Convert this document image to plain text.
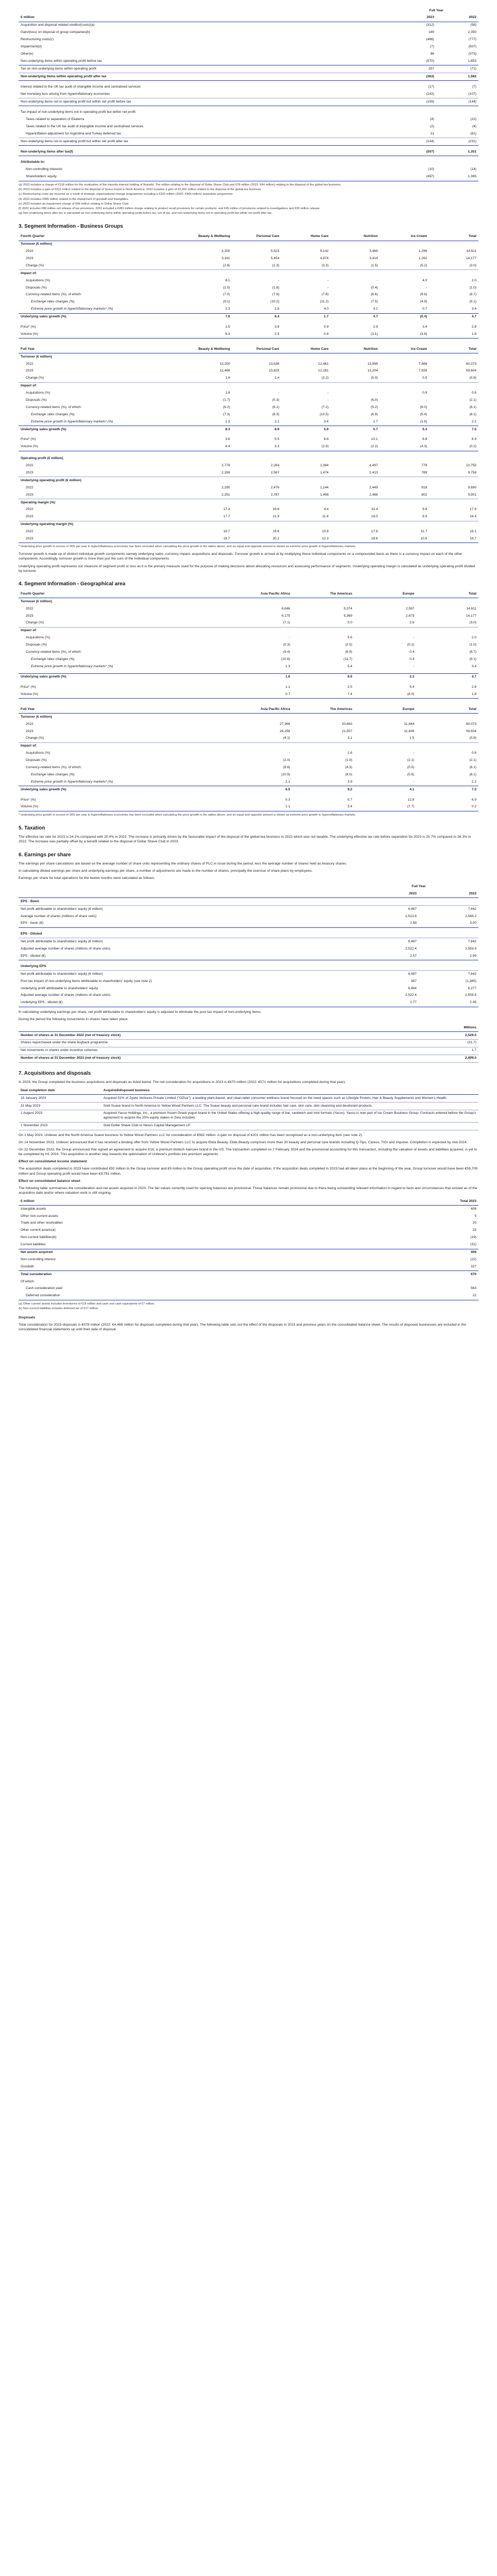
		Full Year	
€ million		2023	2022
Acquisition and disposal related credits/(costs)(a)		(312)	(58)
Gain/(loss) on disposal of group companies(b)		189	2,350
Restructuring costs(c)		(486)	(777)
Impairment(d)		(7)	(507)
Other(e)		86	(373)
Non-underlying items within operating profit before tax		(570)	1,653
Tax on non-underlying items within operating profit		207	(71)
Non-underlying items within operating profit after tax		(363)	1,582

Interest related to the UK tax audit of intangible income and centralised services		(17)	(7)
Net monetary loss arising from hyperinflationary economies		(142)	(107)
Non-underlying items not in operating profit but within net profit before tax		(159)	(144)

Tax impact of non-underlying items not in operating profit but within net profit:			
Taxes related to separation of Ekaterra		(4)	(22)
Taxes related to the UK tax audit of intangible income and centralised services		(2)	(4)
Hyperinflation adjustment for Argentina and Turkey deferred tax		21	(61)
Non-underlying items not in operating profit but within net profit after tax		(144)	(231)

Non-underlying items after tax(f)		(507)	1,351

Attributable to:			
Non-controlling interests		(10)	(14)
Shareholders' equity		(497)	1,365
(a) 2023 includes a charge of €118 million for the revaluation of the minority interest holding of Nutrafol. The million relating to the disposal of Dollar Shave Club and €78 million (2022: €44 million) relating to the disposal of the global tea business.
(b) 2023 includes a gain of €201 million related to the disposal of Suave brand in North America. 2022 includes a gain of €2,352 million related to the disposal of the global tea business.
(c) Restructuring costs are incurred as a result of strategic organisational change programmes including a €203 million (2022: €406 million) separation programme.
(d) 2022 includes €385 million related to the impairment of goodwill and intangibles.
(e) 2023 includes an impairment charge of €96 million relating to Dollar Shave Club.
(f) 2022 includes €80 million net release of tax provisions. 2022 included a €283 million charge relating to product recall provisions for certain products, and €45 million of provisions related to investigations and €30 million release.
(g) Non-underlying items after tax is calculated as non-underlying items within operating profit before tax, net of tax, and non-underlying items not in operating profit but within net profit after tax.
3. Segment Information - Business Groups
Fourth Quarter	Beauty & Wellbeing	Personal Care	Home Care	Nutrition	Ice Cream	Total
Turnover (€ million)						
2022	3,250	5,523	5,142	3,468	1,296	14,611
2023	3,161	5,454	4,974	3,414	1,262	14,177
Change (%)	(2.8)	(1.3)	(3.3)	(1.5)	(5.2)	(3.0)
Impact of:						
Acquisitions (%)	8.1	-	-	-	4.0	2.0
Disposals (%)	(2.0)	(1.8)	-	(0.4)	-	(1.0)
Currency-related items (%), of which:	(7.0)	(7.8)	(7.6)	(8.6)	(9.6)	(8.7)
Exchange rates changes (%)	(9.1)	(10.2)	(11.2)	(7.5)	(4.9)	(9.1)
Extreme price growth in hyperinflationary markets* (%)	2.3	2.6	4.0	3.1	0.7	3.4
Underlying sales growth (%)	7.9	6.4	1.7	4.7	(0.4)	4.7

Price* (%)	1.5	3.8	0.9	2.9	3.4	2.8
Volume (%)	6.3	2.5	0.8	(1.1)	(3.8)	1.8
Full Year	Beauty & Wellbeing	Personal Care	Home Care	Nutrition	Ice Cream	Total
Turnover (€ million)						
2022	13,200	13,636	12,461	13,898	7,888	60,073
2023	12,466	13,825	12,181	13,204	7,928	59,604
Change (%)	1.6	1.4	(2.2)	(5.0)	0.5	(0.8)
Impact of:						
Acquisitions (%)	1.6	-	-	-	0.9	0.6
Disposals (%)	(1.7)	(0.3)	-	(6.0)	-	(2.1)
Currency-related items (%), of which:	(6.2)	(6.1)	(7.2)	(5.2)	(6.0)	(6.1)
Exchange rates changes (%)	(7.3)	(8.3)	(10.5)	(6.9)	(5.4)	(8.1)
Extreme price growth in hyperinflationary markets* (%)	1.3	2.1	3.4	1.7	(1.6)	2.2
Underlying sales growth (%)	8.3	8.9	5.9	5.7	5.3	7.0

Price* (%)	3.8	5.5	8.8	10.1	8.8	6.9
Volume (%)	4.4	3.3	(2.9)	(2.2)	(4.3)	(0.2)
Operating profit (€ million)						
2022	2,779	2,264	1,364	4,497	779	10,755
2023	2,269	2,567	1,474	2,413	789	9,758
Underlying operating profit (€ million)						
2022	2,290	2,476	1,144	2,449	918	9,690
2023	2,251	2,787	1,498	2,468	802	9,901
Operating margin (%)						
2022	17.4	16.6	9.4	32.4	9.8	17.9
2023	17.7	21.9	11.4	18.0	9.9	16.4
Underlying operating margin (%)						
2022	18.7	18.6	10.8	17.6	11.7	16.1
2023	18.7	20.2	12.3	18.6	10.6	16.7
* Underlying price growth in excess of 26% per year in hyperinflationary economies has been excluded when calculating the price growth in the tables above, and an equal and opposite amount is shown as extreme price growth in hyperinflationary markets.

Turnover growth is made up of distinct individual growth components namely underlying sales, currency impact, acquisitions and disposals. Turnover growth is arrived at by multiplying these individual components on a compounded basis as there is a currency impact on each of the other components. Accordingly, turnover growth is more than just the sum of the individual components.

Underlying operating profit represents our measure of segment profit or loss as it is the primary measure used for the purpose of making decisions about allocating resources and assessing performance of segments. Underlying operating margin is calculated as underlying operating profit divided by turnover.

4. Segment Information - Geographical area
Fourth Quarter	Asia Pacific Africa	The Americas	Europe	Total
Turnover (€ million)				
2022	6,646	5,374	2,597	14,611
2023	6,175	5,369	2,673	14,177
Change (%)	(7.1)	0.0	2.6	(3.0)
Impact of:				
Acquisitions (%)	-	5.6	-	2.0
Disposals (%)	(0.3)	(2.5)	(0.1)	(1.0)
Currency-related items (%), of which:	(9.4)	(6.9)	0.4	(8.7)
Exchange rates changes (%)	(10.6)	(11.7)	0.4	(9.1)
Extreme price growth in hyperinflationary markets* (%)	1.3	5.4	-	3.4

Underlying sales growth (%)	1.6	9.6	2.3	4.7

Price* (%)	1.1	2.5	5.4	2.8
Volume (%)	0.7	7.4	(6.0)	1.8
Full Year	Asia Pacific Africa	The Americas	Europe	Total
Turnover (€ million)				
2022	27,366	20,863	11,844	60,073
2023	26,256	21,507	11,839	59,604
Change (%)	(4.1)	3.1	1.5	(0.8)
Impact of:				
Acquisitions (%)	-	1.6	-	0.6
Disposals (%)	(2.0)	(1.9)	(2.1)	(2.1)
Currency-related items (%), of which:	(8.6)	(4.3)	(0.5)	(6.1)
Exchange rates changes (%)	(10.5)	(8.0)	(0.6)	(8.1)
Extreme price growth in hyperinflationary markets* (%)	2.1	3.9	-	2.2
Underlying sales growth (%)	6.5	9.2	4.1	7.0

Price* (%)	5.3	5.7	12.8	6.9
Volume (%)	1.1	3.4	(7.7)	0.2
* Underlying price growth in excess of 26% per year in hyperinflationary economies has been excluded when calculating the price growth in the tables above, and an equal and opposite amount is shown as extreme price growth in hyperinflationary markets.
5. Taxation

The effective tax rate for 2023 is 24.1% compared with 20.4% in 2022. The increase is primarily driven by the favourable impact of the disposal of the global tea business in 2022 which was not taxable. The underlying effective tax rate before separation for 2023 is 25.7% compared to 26.3% in 2022. The increase was partially offset by a benefit related to the disposal of Dollar Shave Club in 2023.

6. Earnings per share

The earnings per share calculations are based on the average number of share units representing the ordinary shares of PLC in issue during the period, less the average number of shares held as treasury shares.

In calculating diluted earnings per share and underlying earnings per share, a number of adjustments are made to the number of shares, principally the exercise of share plans by employees.

Earnings per share for total operations for the twelve months were calculated as follows:

	Full Year	
	2023	2022
EPS - Basic		
Net profit attributable to shareholders' equity (€ million)	6,487	7,642
Average number of shares (millions of share units)	2,513.6	2,548.2
EPS - basic (€)	2.58	3.00

EPS - Diluted		
Net profit attributable to shareholders' equity (€ million)	6,487	7,642
Adjusted average number of shares (millions of share units)	2,522.4	2,559.9
EPS - diluted (€)	2.57	2.99

Underlying EPS		
Net profit attributable to shareholders' equity (€ million)	6,487	7,642
Post tax impact of non-underlying items attributable to shareholders' equity (see note 2)	497	(1,365)
Underlying profit attributable to shareholders' equity	6,984	6,277
Adjusted average number of shares (millions of share units)	2,522.4	2,559.9
Underlying EPS - diluted (€)	2.77	2.45

In calculating underlying earnings per share, net profit attributable to shareholders' equity is adjusted to eliminate the post tax impact of non-underlying items.

During the period the following movements in shares have taken place:

	Millions
Number of shares at 31 December 2022 (net of treasury stock)	2,529.0
Shares repurchased under the share buyback programme	(31.7)
Net movements in shares under incentive schemes	1.7
Number of shares at 31 December 2023 (net of treasury stock)	2,499.0
7. Acquisitions and disposals

In 2023, the Group completed the business acquisitions and disposals as listed below. The net consideration for acquisitions in 2023 is €670 million (2022: €571 million for acquisitions completed during that year).

Deal completion date	Acquired/disposed business
15 January 2023	Acquired 51% of Zywie Ventures Private Limited ("OZiva"), a leading plant-based, and clean-label consumer wellness brand focused on the need spaces such as Lifestyle Protein, Hair & Beauty Supplements and Women's Health.
31 May 2023	Sold Suave brand in North America to Yellow Wood Partners LLC. The Suave beauty and personal care brand includes hair care, skin care, skin cleansing and deodorant products.
1 August 2023	Acquired Yasso Holdings, Inc., a premium frozen Greek yogurt brand in the United States offering a high-quality range of bar, sandwich and mini formats (Yasso). Yasso is now part of Ice Cream Business Group. Contracts entered before the Group's agreement to acquire the 20% equity stakes in Zeta included.
1 November 2023	Sold Dollar Shave Club to Nexus Capital Management LP.

On 1 May 2023, Unilever and the North America Suave business to Yellow Wood Partners LLC for consideration of €562 million. A gain on disposal of €201 million has been recognised as a non-underlying item (see note 2).

On 14 November 2023, Unilever announced that it has received a binding offer from Yellow Wood Partners LLC to acquire Elida Beauty. Elida Beauty comprises more than 20 beauty and personal care brands including Q-Tips, Caress, TIGI and Impulse. Completion is expected by mid-2024.

On 22 December 2023, the Group announced that signed an agreement to acquire K18, a premium biotech haircare brand in the US. The transaction completed on 7 February 2024 and the provisional accounting for this transaction, including the valuation of assets and liabilities acquired, is yet to be completed by H1 2024. This acquisition is another step towards the optimisation of Unilever's portfolio into premium segments.

Effect on consolidated income statement

The acquisition deals completed in 2023 have contributed €92 million to the Group turnover and €9 million to the Group operating profit since the date of acquisition. If the acquisition deals completed in 2023 had all taken place at the beginning of the year, Group turnover would have been €59,709 million and Group operating profit would have been €9,781 million.

Effect on consolidated balance sheet

The following table summarises the consideration and net assets acquired in 2023. The fair values currently used for opening balances are provisional. These balances remain provisional due to there being outstanding relevant information in regard to facts and circumstances that existed as of the acquisition date and/or where valuation work is still ongoing.

€ million	Total 2023
Intangible assets	406
Other non-current assets	5
Trade and other receivables	20
Other current assets(a)	25
Non-current liabilities(b)	(19)
Current liabilities	(31)
Net assets acquired	406
Non-controlling interest	(22)
Goodwill	327
Total consideration	670
Of which:	
Cash consideration paid	563
Deferred consideration	22
(a) Other current assets includes inventories of €18 million and cash and cash equivalents of €7 million.
(b) Non-current liabilities includes deferred tax of €17 million.

Disposals

Total consideration for 2023 disposals is €578 million (2022: €4,468 million for disposals completed during that year). The following table sets out the effect of the disposals in 2023 and previous years on the consolidated balance sheet. The results of disposed businesses are included in the consolidated financial statements up until their date of disposal.
